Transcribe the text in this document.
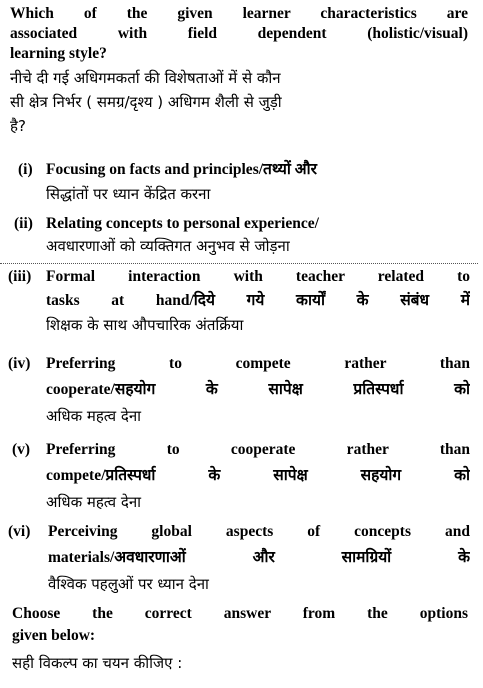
Which of the given learner characteristics are
associated with field dependent (holistic/visual)
learning style?
नीचे दी गई अधिगमकर्ता की विशेषताओं में से कौन
सी क्षेत्र निर्भर ( समग्र/दृश्य ) अधिगम शैली से जुड़ी
है?
(i) Focusing on facts and principles/तथ्यों और
सिद्धांतों पर ध्यान केंद्रित करना
(ii) Relating concepts to personal experience/
अवधारणाओं को व्यक्तिगत अनुभव से जोड़ना
(iii) Formal interaction with teacher related to
tasks at hand/दिये गये कार्यों के संबंध में
शिक्षक के साथ औपचारिक अंतर्क्रिया
(iv)	Preferring to compete rather than
cooperate/सहयोग के सापेक्ष प्रतिस्पर्धा को
अधिक महत्व देना
(v)	Preferring to cooperate rather than
compete/प्रतिस्पर्धा के सापेक्ष सहयोग को
अधिक महत्व देना
(vi)	Perceiving global aspects of concepts and
materials/अवधारणाओं और सामग्रियों के
वैश्विक पहलुओं पर ध्यान देना
Choose the correct answer from the options
given below:
सही विकल्प का चयन कीजिए :
